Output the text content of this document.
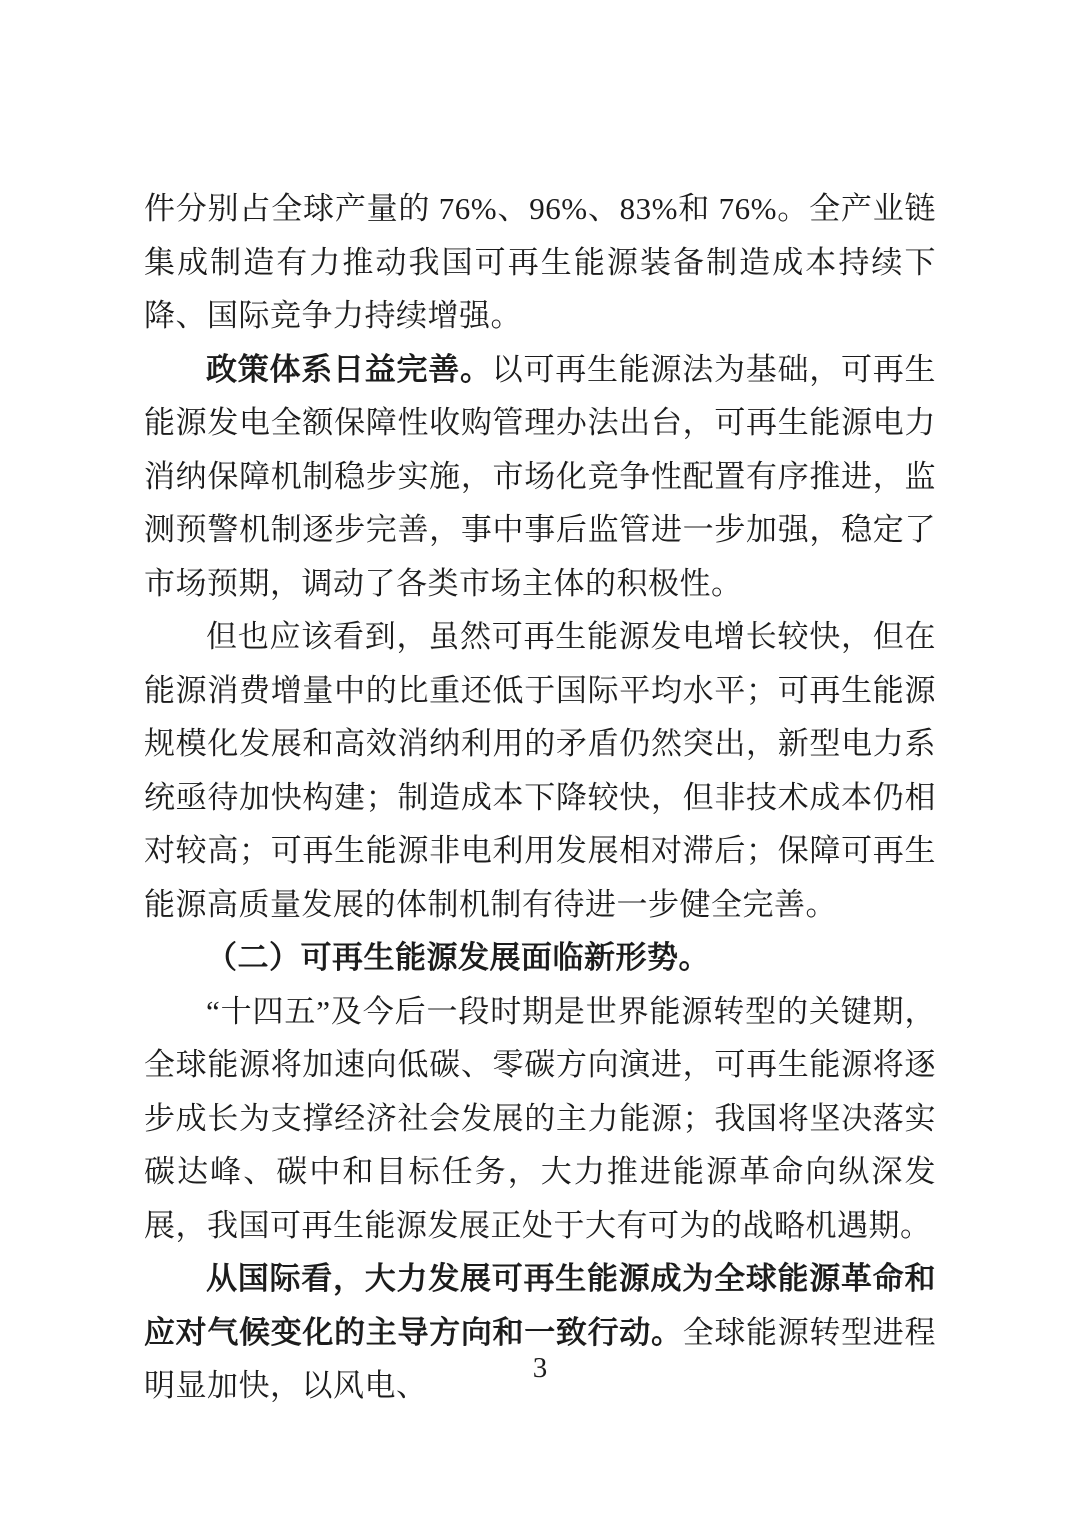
件分别占全球产量的 76%、96%、83%和 76%。全产业链集成制造有力推动我国可再生能源装备制造成本持续下降、国际竞争力持续增强。

政策体系日益完善。以可再生能源法为基础，可再生能源发电全额保障性收购管理办法出台，可再生能源电力消纳保障机制稳步实施，市场化竞争性配置有序推进，监测预警机制逐步完善，事中事后监管进一步加强，稳定了市场预期，调动了各类市场主体的积极性。

但也应该看到，虽然可再生能源发电增长较快，但在能源消费增量中的比重还低于国际平均水平；可再生能源规模化发展和高效消纳利用的矛盾仍然突出，新型电力系统亟待加快构建；制造成本下降较快，但非技术成本仍相对较高；可再生能源非电利用发展相对滞后；保障可再生能源高质量发展的体制机制有待进一步健全完善。

（二）可再生能源发展面临新形势。

“十四五”及今后一段时期是世界能源转型的关键期，全球能源将加速向低碳、零碳方向演进，可再生能源将逐步成长为支撑经济社会发展的主力能源；我国将坚决落实碳达峰、碳中和目标任务，大力推进能源革命向纵深发展，我国可再生能源发展正处于大有可为的战略机遇期。

从国际看，大力发展可再生能源成为全球能源革命和应对气候变化的主导方向和一致行动。全球能源转型进程明显加快，以风电、	3
